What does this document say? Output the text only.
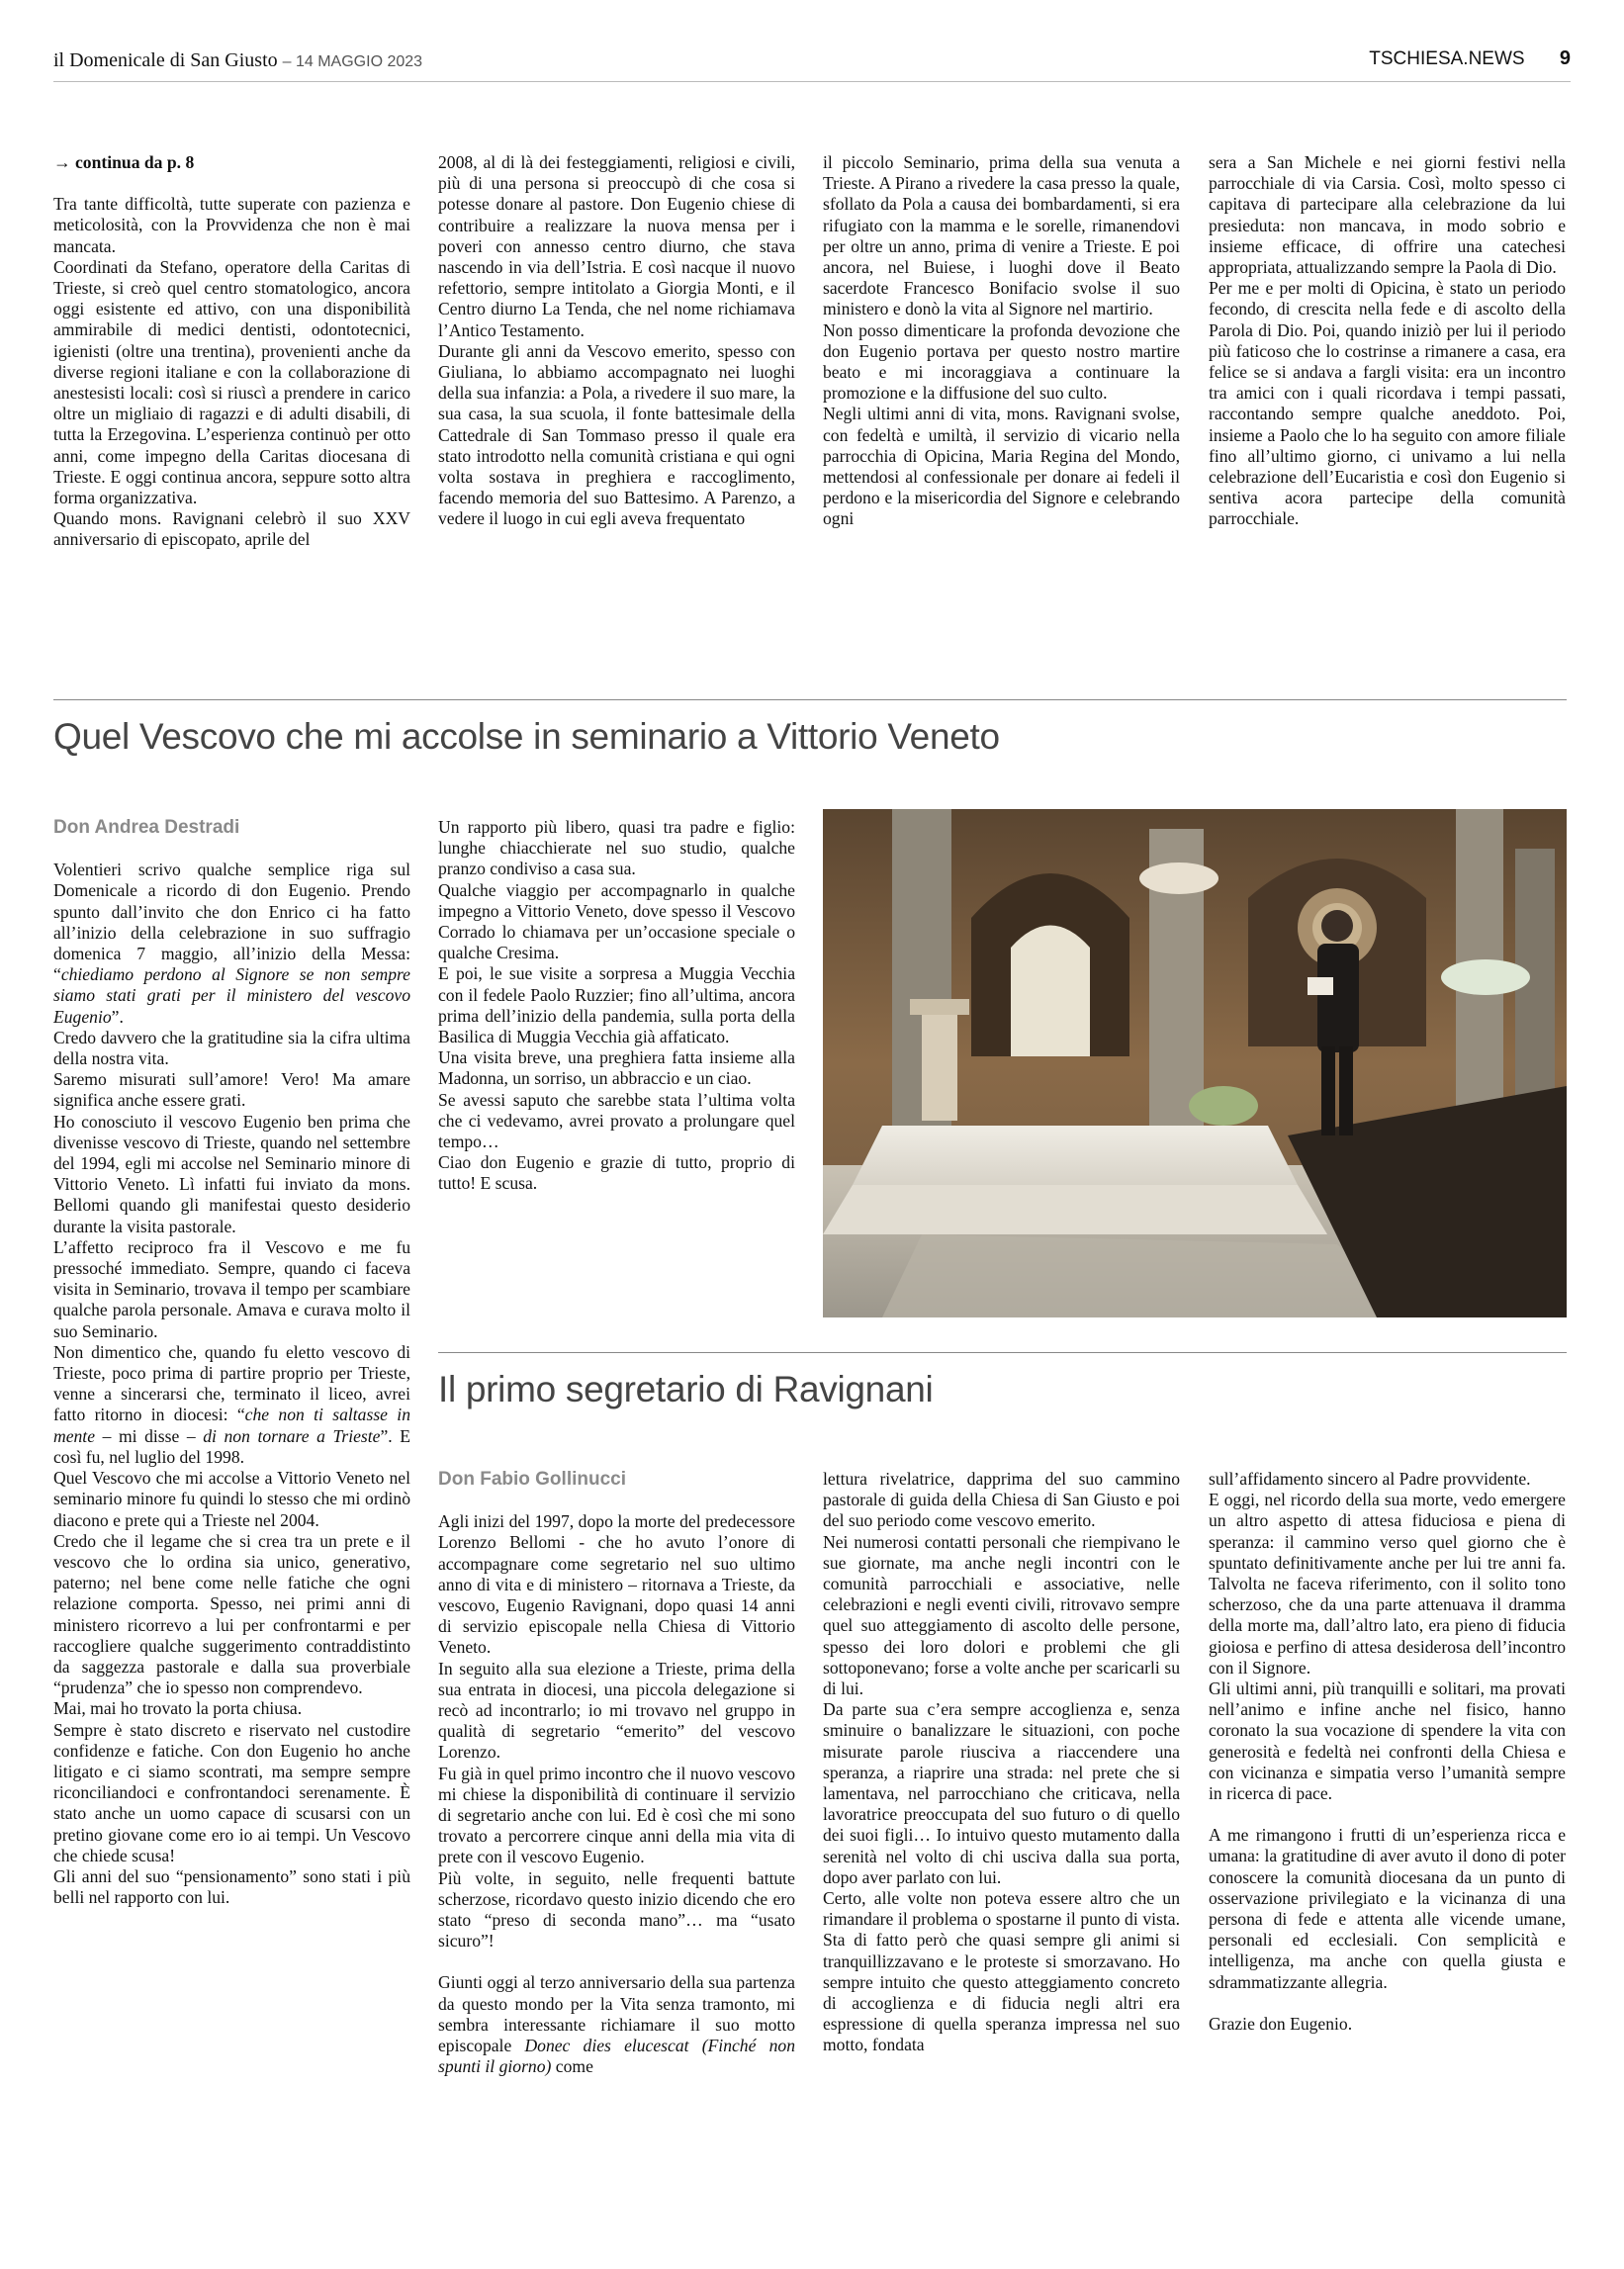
il Domenicale di San Giusto – 14 MAGGIO 2023	TSCHIESA.NEWS 9

→ continua da p. 8

Tra tante difficoltà, tutte superate con pazienza e meticolosità, con la Provvidenza che non è mai mancata.

Coordinati da Stefano, operatore della Caritas di Trieste, si creò quel centro stomatologico, ancora oggi esistente ed attivo, con una disponibilità ammirabile di medici dentisti, odontotecnici, igienisti (oltre una trentina), provenienti anche da diverse regioni italiane e con la collaborazione di anestesisti locali: così si riuscì a prendere in carico oltre un migliaio di ragazzi e di adulti disabili, di tutta la Erzegovina. L’esperienza continuò per otto anni, come impegno della Caritas diocesana di Trieste. E oggi continua ancora, seppure sotto altra forma organizzativa.

Quando mons. Ravignani celebrò il suo XXV anniversario di episcopato, aprile del

2008, al di là dei festeggiamenti, religiosi e civili, più di una persona si preoccupò di che cosa si potesse donare al pastore. Don Eugenio chiese di contribuire a realizzare la nuova mensa per i poveri con annesso centro diurno, che stava nascendo in via dell’Istria. E così nacque il nuovo refettorio, sempre intitolato a Giorgia Monti, e il Centro diurno La Tenda, che nel nome richiamava l’Antico Testamento.

Durante gli anni da Vescovo emerito, spesso con Giuliana, lo abbiamo accompagnato nei luoghi della sua infanzia: a Pola, a rivedere il suo mare, la sua casa, la sua scuola, il fonte battesimale della Cattedrale di San Tommaso presso il quale era stato introdotto nella comunità cristiana e qui ogni volta sostava in preghiera e raccoglimento, facendo memoria del suo Battesimo. A Parenzo, a vedere il luogo in cui egli aveva frequentato

il piccolo Seminario, prima della sua venuta a Trieste. A Pirano a rivedere la casa presso la quale, sfollato da Pola a causa dei bombardamenti, si era rifugiato con la mamma e le sorelle, rimanendovi per oltre un anno, prima di venire a Trieste. E poi ancora, nel Buiese, i luoghi dove il Beato sacerdote Francesco Bonifacio svolse il suo ministero e donò la vita al Signore nel martirio.

Non posso dimenticare la profonda devozione che don Eugenio portava per questo nostro martire beato e mi incoraggiava a continuare la promozione e la diffusione del suo culto.

Negli ultimi anni di vita, mons. Ravignani svolse, con fedeltà e umiltà, il servizio di vicario nella parrocchia di Opicina, Maria Regina del Mondo, mettendosi al confessionale per donare ai fedeli il perdono e la misericordia del Signore e celebrando ogni

sera a San Michele e nei giorni festivi nella parrocchiale di via Carsia. Così, molto spesso ci capitava di partecipare alla celebrazione da lui presieduta: non mancava, in modo sobrio e insieme efficace, di offrire una catechesi appropriata, attualizzando sempre la Paola di Dio.

Per me e per molti di Opicina, è stato un periodo fecondo, di crescita nella fede e di ascolto della Parola di Dio. Poi, quando iniziò per lui il periodo più faticoso che lo costrinse a rimanere a casa, era felice se si andava a fargli visita: era un incontro tra amici con i quali ricordava i tempi passati, raccontando sempre qualche aneddoto. Poi, insieme a Paolo che lo ha seguito con amore filiale fino all’ultimo giorno, ci univamo a lui nella celebrazione dell’Eucaristia e così don Eugenio si sentiva acora partecipe della comunità parrocchiale.

Quel Vescovo che mi accolse in seminario a Vittorio Veneto
Don Andrea Destradi

Volentieri scrivo qualche semplice riga sul Domenicale a ricordo di don Eugenio. Prendo spunto dall’invito che don Enrico ci ha fatto all’inizio della celebrazione in suo suffragio domenica 7 maggio, all’inizio della Messa: “chiediamo perdono al Signore se non sempre siamo stati grati per il ministero del vescovo Eugenio”.

Credo davvero che la gratitudine sia la cifra ultima della nostra vita.

Saremo misurati sull’amore! Vero! Ma amare significa anche essere grati.

Ho conosciuto il vescovo Eugenio ben prima che divenisse vescovo di Trieste, quando nel settembre del 1994, egli mi accolse nel Seminario minore di Vittorio Veneto. Lì infatti fui inviato da mons. Bellomi quando gli manifestai questo desiderio durante la visita pastorale.

L’affetto reciproco fra il Vescovo e me fu pressoché immediato. Sempre, quando ci faceva visita in Seminario, trovava il tempo per scambiare qualche parola personale. Amava e curava molto il suo Seminario.

Non dimentico che, quando fu eletto vescovo di Trieste, poco prima di partire proprio per Trieste, venne a sincerarsi che, terminato il liceo, avrei fatto ritorno in diocesi: “che non ti saltasse in mente – mi disse – di non tornare a Trieste”. E così fu, nel luglio del 1998.

Quel Vescovo che mi accolse a Vittorio Veneto nel seminario minore fu quindi lo stesso che mi ordinò diacono e prete qui a Trieste nel 2004.

Credo che il legame che si crea tra un prete e il vescovo che lo ordina sia unico, generativo, paterno; nel bene come nelle fatiche che ogni relazione comporta. Spesso, nei primi anni di ministero ricorrevo a lui per confrontarmi e per raccogliere qualche suggerimento contraddistinto da saggezza pastorale e dalla sua proverbiale “prudenza” che io spesso non comprendevo.

Mai, mai ho trovato la porta chiusa.

Sempre è stato discreto e riservato nel custodire confidenze e fatiche. Con don Eugenio ho anche litigato e ci siamo scontrati, ma sempre sempre riconciliandoci e confrontandoci serenamente. È stato anche un uomo capace di scusarsi con un pretino giovane come ero io ai tempi. Un Vescovo che chiede scusa!

Gli anni del suo “pensionamento” sono stati i più belli nel rapporto con lui.

Un rapporto più libero, quasi tra padre e figlio: lunghe chiacchierate nel suo studio, qualche pranzo condiviso a casa sua.

Qualche viaggio per accompagnarlo in qualche impegno a Vittorio Veneto, dove spesso il Vescovo Corrado lo chiamava per un’occasione speciale o qualche Cresima.

E poi, le sue visite a sorpresa a Muggia Vecchia con il fedele Paolo Ruzzier; fino all’ultima, ancora prima dell’inizio della pandemia, sulla porta della Basilica di Muggia Vecchia già affaticato.

Una visita breve, una preghiera fatta insieme alla Madonna, un sorriso, un abbraccio e un ciao.

Se avessi saputo che sarebbe stata l’ultima volta che ci vedevamo, avrei provato a prolungare quel tempo…

Ciao don Eugenio e grazie di tutto, proprio di tutto! E scusa.

Il primo segretario di Ravignani
Don Fabio Gollinucci

Agli inizi del 1997, dopo la morte del predecessore Lorenzo Bellomi - che ho avuto l’onore di accompagnare come segretario nel suo ultimo anno di vita e di ministero – ritornava a Trieste, da vescovo, Eugenio Ravignani, dopo quasi 14 anni di servizio episcopale nella Chiesa di Vittorio Veneto.

In seguito alla sua elezione a Trieste, prima della sua entrata in diocesi, una piccola delegazione si recò ad incontrarlo; io mi trovavo nel gruppo in qualità di segretario “emerito” del vescovo Lorenzo.

Fu già in quel primo incontro che il nuovo vescovo mi chiese la disponibilità di continuare il servizio di segretario anche con lui. Ed è così che mi sono trovato a percorrere cinque anni della mia vita di prete con il vescovo Eugenio.

Più volte, in seguito, nelle frequenti battute scherzose, ricordavo questo inizio dicendo che ero stato “preso di seconda mano”… ma “usato sicuro”!

Giunti oggi al terzo anniversario della sua partenza da questo mondo per la Vita senza tramonto, mi sembra interessante richiamare il suo motto episcopale Donec dies elucescat (Finché non spunti il giorno) come

lettura rivelatrice, dapprima del suo cammino pastorale di guida della Chiesa di San Giusto e poi del suo periodo come vescovo emerito.

Nei numerosi contatti personali che riempivano le sue giornate, ma anche negli incontri con le comunità parrocchiali e associative, nelle celebrazioni e negli eventi civili, ritrovavo sempre quel suo atteggiamento di ascolto delle persone, spesso dei loro dolori e problemi che gli sottoponevano; forse a volte anche per scaricarli su di lui.

Da parte sua c’era sempre accoglienza e, senza sminuire o banalizzare le situazioni, con poche misurate parole riusciva a riaccendere una speranza, a riaprire una strada: nel prete che si lamentava, nel parrocchiano che criticava, nella lavoratrice preoccupata del suo futuro o di quello dei suoi figli… Io intuivo questo mutamento dalla serenità nel volto di chi usciva dalla sua porta, dopo aver parlato con lui.

Certo, alle volte non poteva essere altro che un rimandare il problema o spostarne il punto di vista. Sta di fatto però che quasi sempre gli animi si tranquillizzavano e le proteste si smorzavano. Ho sempre intuito che questo atteggiamento concreto di accoglienza e di fiducia negli altri era espressione di quella speranza impressa nel suo motto, fondata

sull’affidamento sincero al Padre provvidente.

E oggi, nel ricordo della sua morte, vedo emergere un altro aspetto di attesa fiduciosa e piena di speranza: il cammino verso quel giorno che è spuntato definitivamente anche per lui tre anni fa. Talvolta ne faceva riferimento, con il solito tono scherzoso, che da una parte attenuava il dramma della morte ma, dall’altro lato, era pieno di fiducia gioiosa e perfino di attesa desiderosa dell’incontro con il Signore.

Gli ultimi anni, più tranquilli e solitari, ma provati nell’animo e infine anche nel fisico, hanno coronato la sua vocazione di spendere la vita con generosità e fedeltà nei confronti della Chiesa e con vicinanza e simpatia verso l’umanità sempre in ricerca di pace.

A me rimangono i frutti di un’esperienza ricca e umana: la gratitudine di aver avuto il dono di poter conoscere la comunità diocesana da un punto di osservazione privilegiato e la vicinanza di una persona di fede e attenta alle vicende umane, personali ed ecclesiali. Con semplicità e intelligenza, ma anche con quella giusta e sdrammatizzante allegria.

Grazie don Eugenio.
